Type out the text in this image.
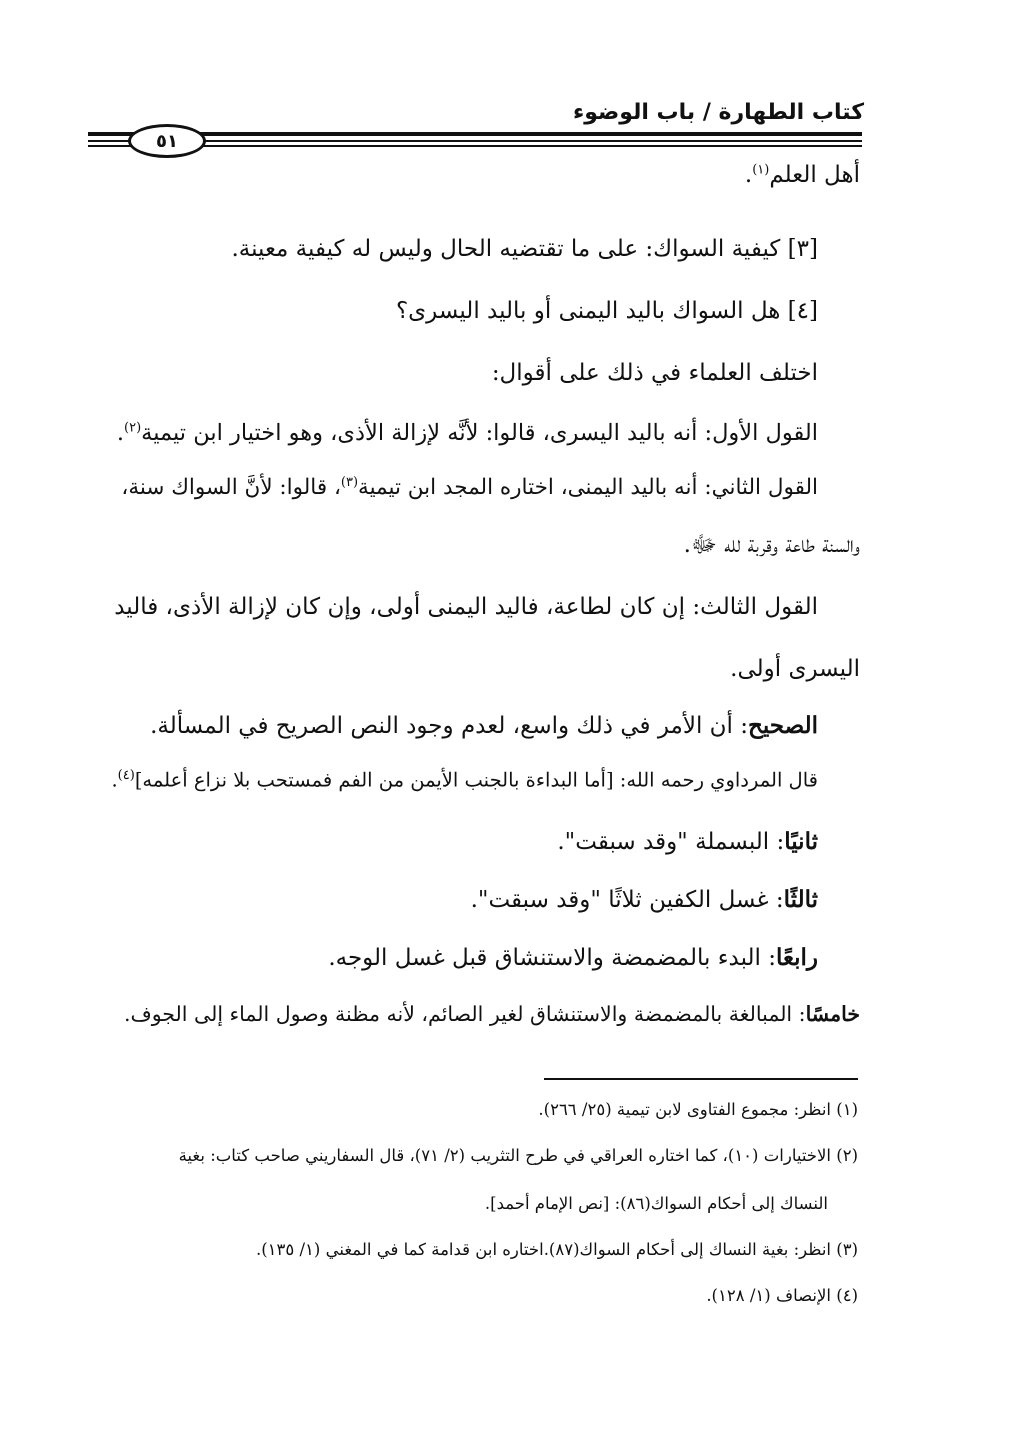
كتاب الطهارة / باب الوضوء
٥١
أهل العلم$^{(١)}$.
[٣] كيفية السواك: على ما تقتضيه الحال وليس له كيفية معينة.
[٤] هل السواك باليد اليمنى أو باليد اليسرى؟
اختلف العلماء في ذلك على أقوال:
القول الأول: أنه باليد اليسرى، قالوا: لأنَّه لإزالة الأذى، وهو اختيار ابن تيمية$^{(٢)}$.
القول الثاني: أنه باليد اليمنى، اختاره المجد ابن تيمية$^{(٣)}$، قالوا: لأنَّ السواك سنة،
والسنة طاعة وقربة لله ﷻ.
القول الثالث: إن كان لطاعة، فاليد اليمنى أولى، وإن كان لإزالة الأذى، فاليد
اليسرى أولى.
الصحيح: أن الأمر في ذلك واسع، لعدم وجود النص الصريح في المسألة.
قال المرداوي رحمه الله: [أما البداءة بالجنب الأيمن من الفم فمستحب بلا نزاع أعلمه]$^{(٤)}$.
ثانيًا: البسملة "وقد سبقت".
ثالثًا: غسل الكفين ثلاثًا "وقد سبقت".
رابعًا: البدء بالمضمضة والاستنشاق قبل غسل الوجه.
خامسًا: المبالغة بالمضمضة والاستنشاق لغير الصائم، لأنه مظنة وصول الماء إلى الجوف.
(١) انظر: مجموع الفتاوى لابن تيمية (٢٥/ ٢٦٦).
(٢) الاختيارات (١٠)، كما اختاره العراقي في طرح التثريب (٢/ ٧١)، قال السفاريني صاحب كتاب: بغية
النساك إلى أحكام السواك(٨٦): [نص الإمام أحمد].
(٣) انظر: بغية النساك إلى أحكام السواك(٨٧).اختاره ابن قدامة كما في المغني (١/ ١٣٥).
(٤) الإنصاف (١/ ١٢٨).
